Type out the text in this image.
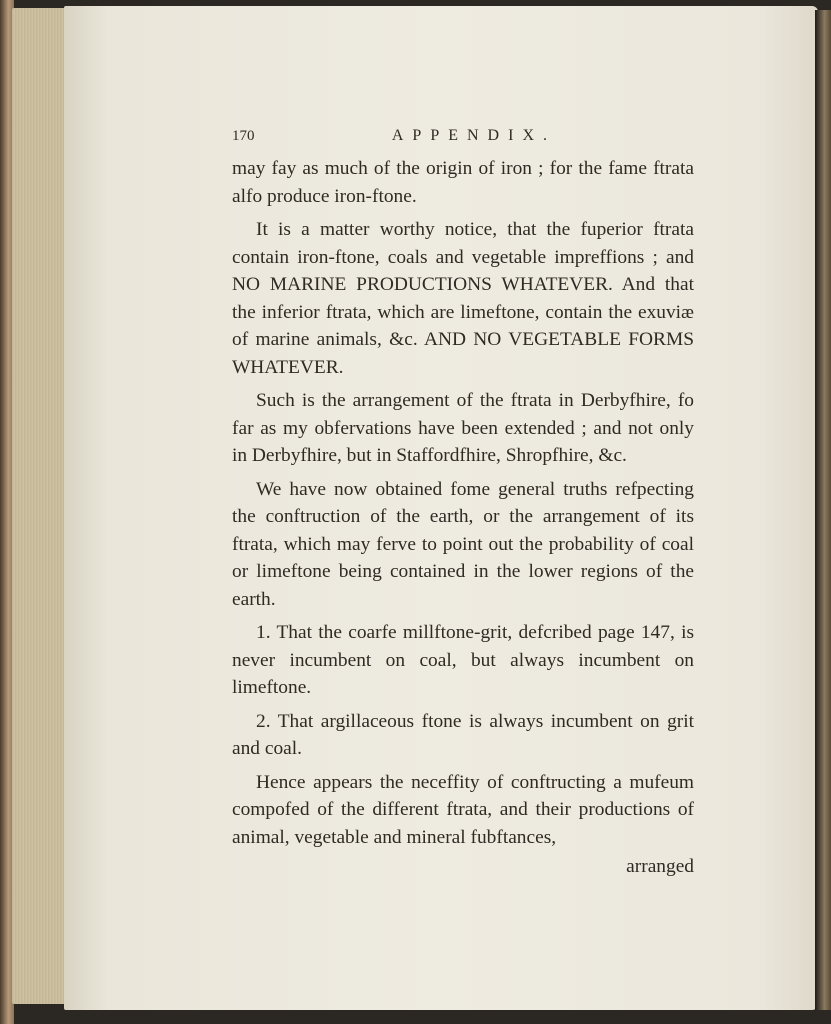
170	APPENDIX.

may fay as much of the origin of iron ; for the fame ftrata alfo produce iron-ftone.

It is a matter worthy notice, that the fuperior ftrata contain iron-ftone, coals and vegetable impreffions ; and NO MARINE PRODUCTIONS WHATEVER. And that the inferior ftrata, which are limeftone, contain the exuviæ of marine animals, &c. AND NO VEGETABLE FORMS WHATEVER.

Such is the arrangement of the ftrata in Derbyfhire, fo far as my obfervations have been extended ; and not only in Derbyfhire, but in Staffordfhire, Shropfhire, &c.

We have now obtained fome general truths refpecting the conftruction of the earth, or the arrangement of its ftrata, which may ferve to point out the probability of coal or limeftone being contained in the lower regions of the earth.

1. That the coarfe millftone-grit, defcribed page 147, is never incumbent on coal, but always incumbent on limeftone.

2. That argillaceous ftone is always incumbent on grit and coal.

Hence appears the neceffity of conftructing a mufeum compofed of the different ftrata, and their productions of animal, vegetable and mineral fubftances,

arranged
